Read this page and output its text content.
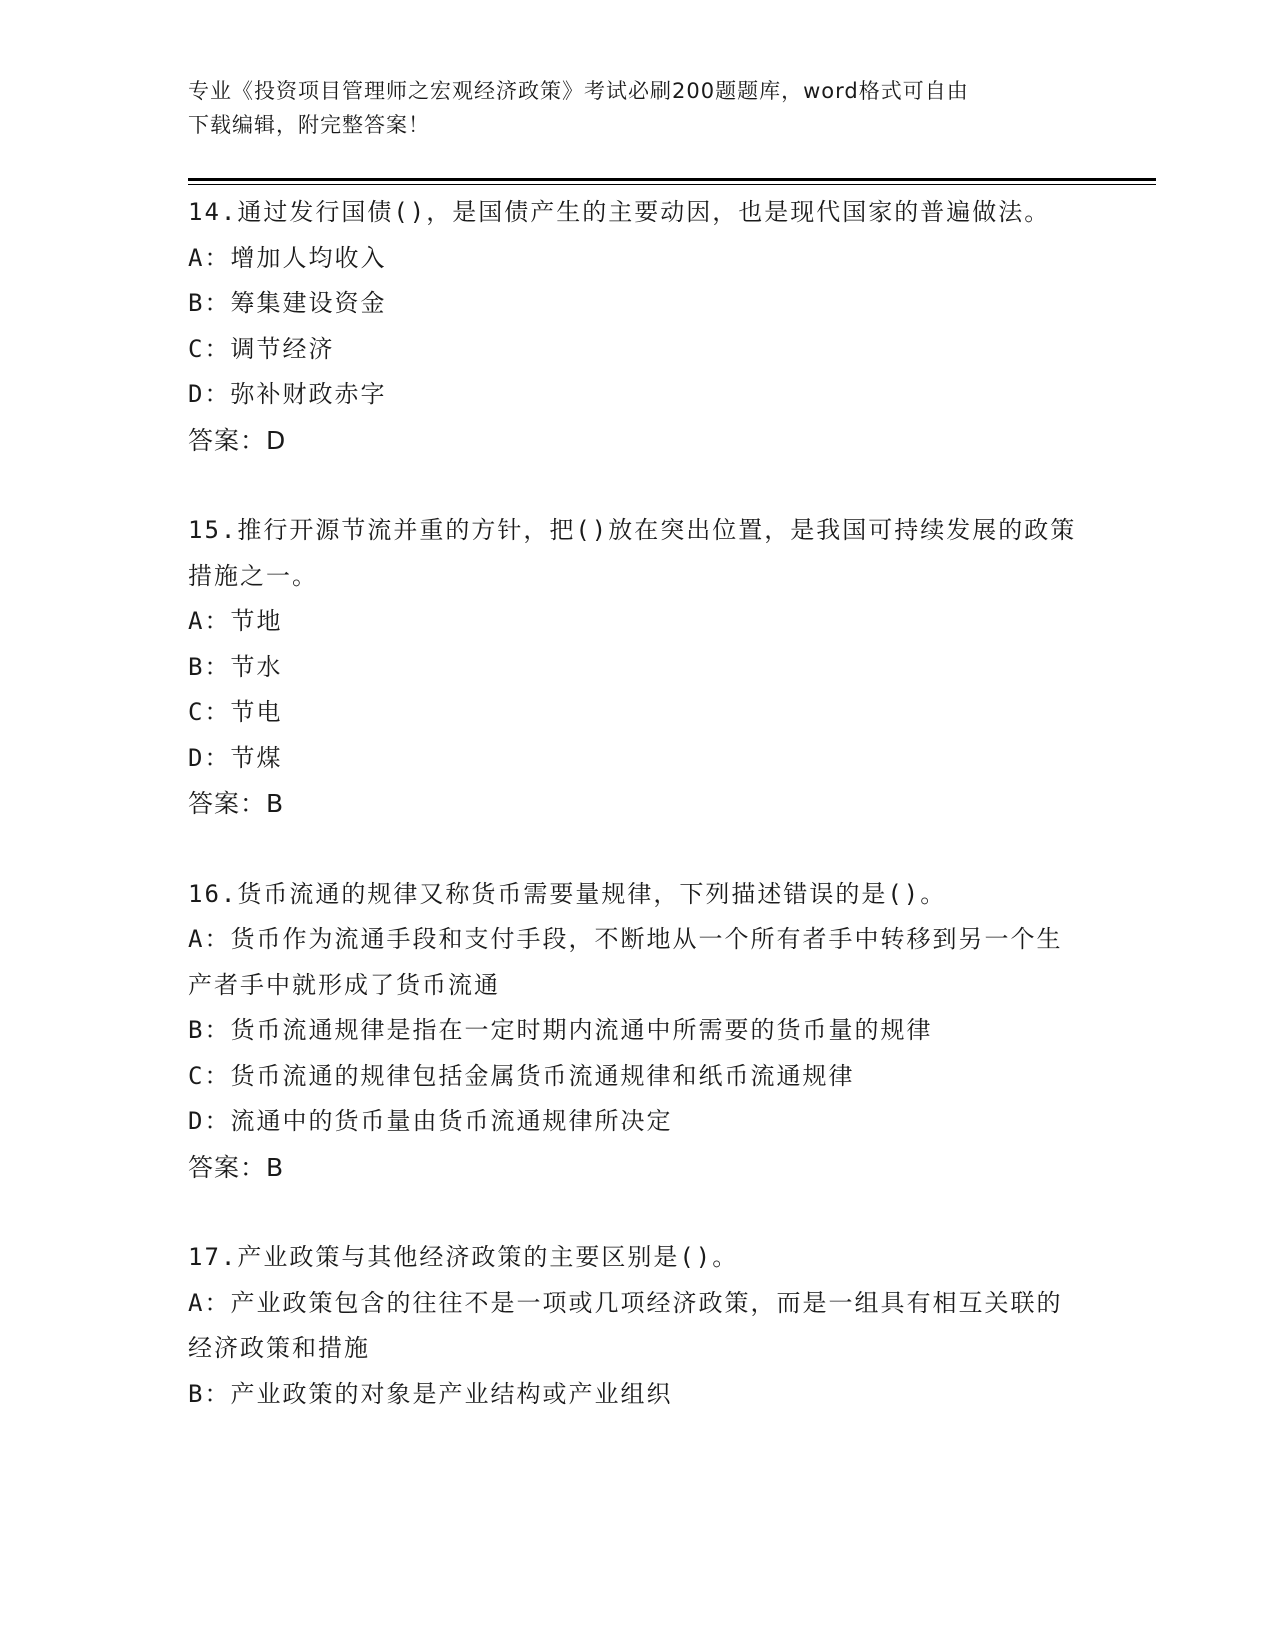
专业《投资项目管理师之宏观经济政策》考试必刷200题题库，word格式可自由
下载编辑，附完整答案！

14.通过发行国债()，是国债产生的主要动因，也是现代国家的普遍做法。

A：增加人均收入

B：筹集建设资金

C：调节经济

D：弥补财政赤字

答案：D

15.推行开源节流并重的方针，把()放在突出位置，是我国可持续发展的政策措施之一。

A：节地

B：节水

C：节电

D：节煤

答案：B

16.货币流通的规律又称货币需要量规律，下列描述错误的是()。

A：货币作为流通手段和支付手段，不断地从一个所有者手中转移到另一个生产者手中就形成了货币流通

B：货币流通规律是指在一定时期内流通中所需要的货币量的规律

C：货币流通的规律包括金属货币流通规律和纸币流通规律

D：流通中的货币量由货币流通规律所决定

答案：B

17.产业政策与其他经济政策的主要区别是()。

A：产业政策包含的往往不是一项或几项经济政策，而是一组具有相互关联的经济政策和措施

B：产业政策的对象是产业结构或产业组织
